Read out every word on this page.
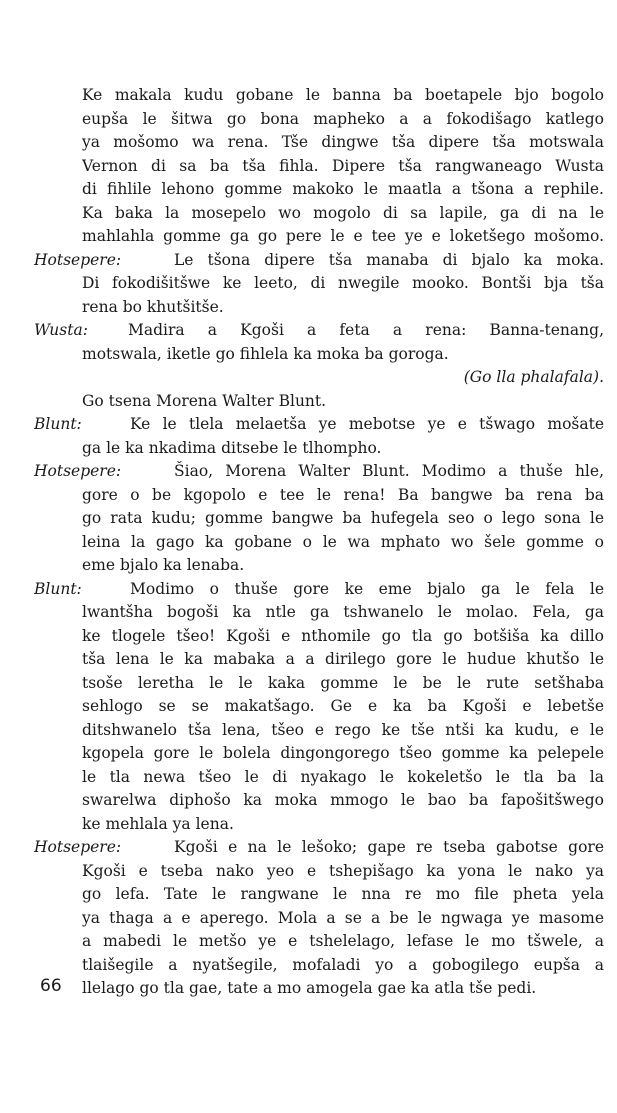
Ke makala kudu gobane le banna ba boetapele bjo bogolo
eupša le šitwa go bona mapheko a a fokodišago katlego
ya mošomo wa rena. Tše dingwe tša dipere tša motswala
Vernon di sa ba tša fihla. Dipere tša rangwaneago Wusta
di fihlile lehono gomme makoko le maatla a tšona a rephile.
Ka baka la mosepelo wo mogolo di sa lapile, ga di na le
mahlahla gomme ga go pere le e tee ye e loketšego mošomo.
Hotsepere:	Le tšona dipere tša manaba di bjalo ka moka.
Di fokodišitšwe ke leeto, di nwegile mooko. Bontši bja tša
rena bo khutšitše.
Wusta:	Madira a Kgoši a feta a rena: Banna-tenang,
motswala, iketle go fihlela ka moka ba goroga.
(Go lla phalafala).
Go tsena Morena Walter Blunt.
Blunt:	Ke le tlela melaetša ye mebotse ye e tšwago mošate
ga le ka nkadima ditsebe le tlhompho.
Hotsepere:	Šiao, Morena Walter Blunt. Modimo a thuše hle,
gore o be kgopolo e tee le rena! Ba bangwe ba rena ba
go rata kudu; gomme bangwe ba hufegela seo o lego sona le
leina la gago ka gobane o le wa mphato wo šele gomme o
eme bjalo ka lenaba.
Blunt:	Modimo o thuše gore ke eme bjalo ga le fela le
lwantšha bogoši ka ntle ga tshwanelo le molao. Fela, ga
ke tlogele tšeo! Kgoši e nthomile go tla go botšiša ka dillo
tša lena le ka mabaka a a dirilego gore le hudue khutšo le
tsoše leretha le le kaka gomme le be le rute setšhaba
sehlogo se se makatšago. Ge e ka ba Kgoši e lebetše
ditshwanelo tša lena, tšeo e rego ke tše ntši ka kudu, e le
kgopela gore le bolela dingongorego tšeo gomme ka pelepele
le tla newa tšeo le di nyakago le kokeletšo le tla ba la
swarelwa diphošo ka moka mmogo le bao ba fapošitšwego
ke mehlala ya lena.
Hotsepere:	Kgoši e na le lešoko; gape re tseba gabotse gore
Kgoši e tseba nako yeo e tshepišago ka yona le nako ya
go lefa. Tate le rangwane le nna re mo file pheta yela
ya thaga a e aperego. Mola a se a be le ngwaga ye masome
a mabedi le metšo ye e tshelelago, lefase le mo tšwele, a
tlaišegile a nyatšegile, mofaladi yo a gobogilego eupša a
llelago go tla gae, tate a mo amogela gae ka atla tše pedi.
66
